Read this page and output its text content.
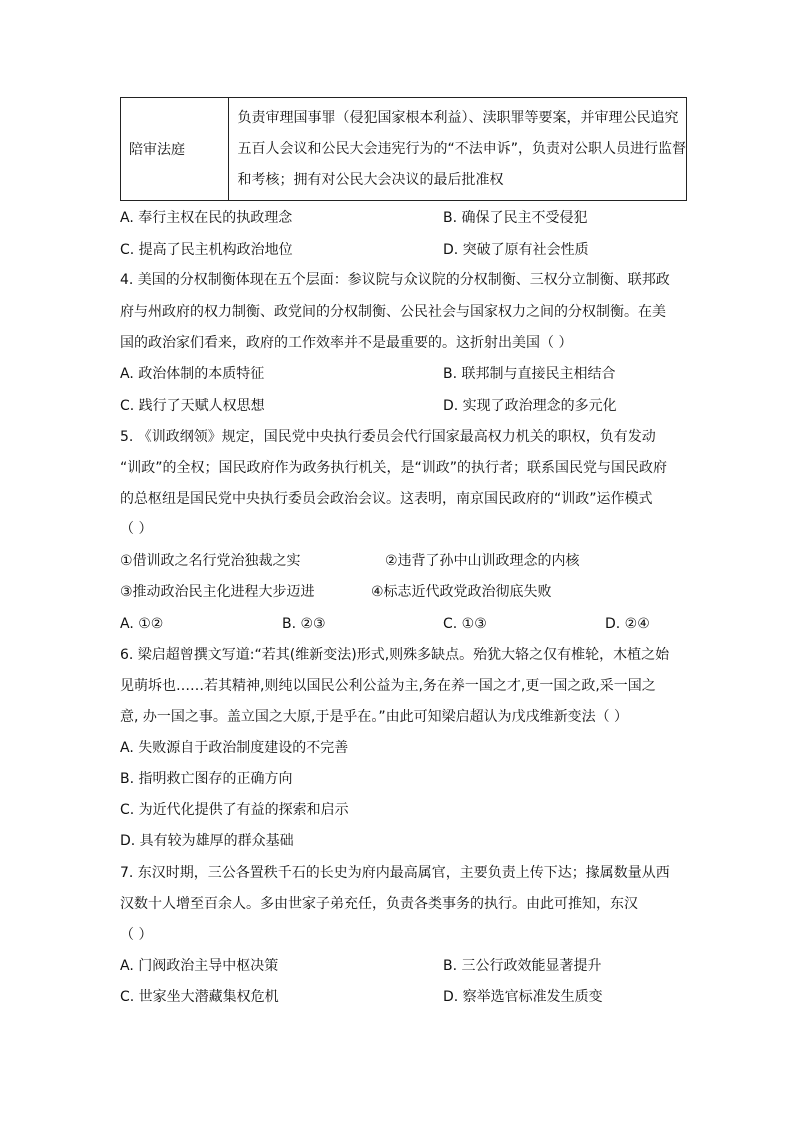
陪审法庭	
负责审理国事罪（侵犯国家根本利益）、渎职罪等要案，并审理公民追究
五百人会议和公民大会违宪行为的“不法申诉”，负责对公职人员进行监督
和考核；拥有对公民大会决议的最后批准权
A. 奉行主权在民的执政理念	B. 确保了民主不受侵犯
C. 提高了民主机构政治地位	D. 突破了原有社会性质
4. 美国的分权制衡体现在五个层面：参议院与众议院的分权制衡、三权分立制衡、联邦政
府与州政府的权力制衡、政党间的分权制衡、公民社会与国家权力之间的分权制衡。在美
国的政治家们看来，政府的工作效率并不是最重要的。这折射出美国（ ）
A. 政治体制的本质特征	B. 联邦制与直接民主相结合
C. 践行了天赋人权思想	D. 实现了政治理念的多元化
5. 《训政纲领》规定，国民党中央执行委员会代行国家最高权力机关的职权，负有发动
“训政”的全权；国民政府作为政务执行机关，是“训政”的执行者；联系国民党与国民政府
的总枢纽是国民党中央执行委员会政治会议。这表明，南京国民政府的“训政”运作模式
（ ）
①借训政之名行党治独裁之实	②违背了孙中山训政理念的内核
③推动政治民主化进程大步迈进	④标志近代政党政治彻底失败
A. ①②	B. ②③	C. ①③	D. ②④
6. 梁启超曾撰文写道:“若其(维新变法)形式,则殊多缺点。殆犹大辂之仅有椎轮，木植之始
见萌坼也……若其精神,则纯以国民公利公益为主,务在养一国之才,更一国之政,采一国之
意, 办一国之事。盖立国之大原,于是乎在。”由此可知梁启超认为戊戌维新变法（ ）
A. 失败源自于政治制度建设的不完善
B. 指明救亡图存的正确方向
C. 为近代化提供了有益的探索和启示
D. 具有较为雄厚的群众基础
7. 东汉时期，三公各置秩千石的长史为府内最高属官，主要负责上传下达；掾属数量从西
汉数十人增至百余人。多由世家子弟充任，负责各类事务的执行。由此可推知，东汉
（ ）
A. 门阀政治主导中枢决策	B. 三公行政效能显著提升
C. 世家坐大潜藏集权危机	D. 察举选官标准发生质变
